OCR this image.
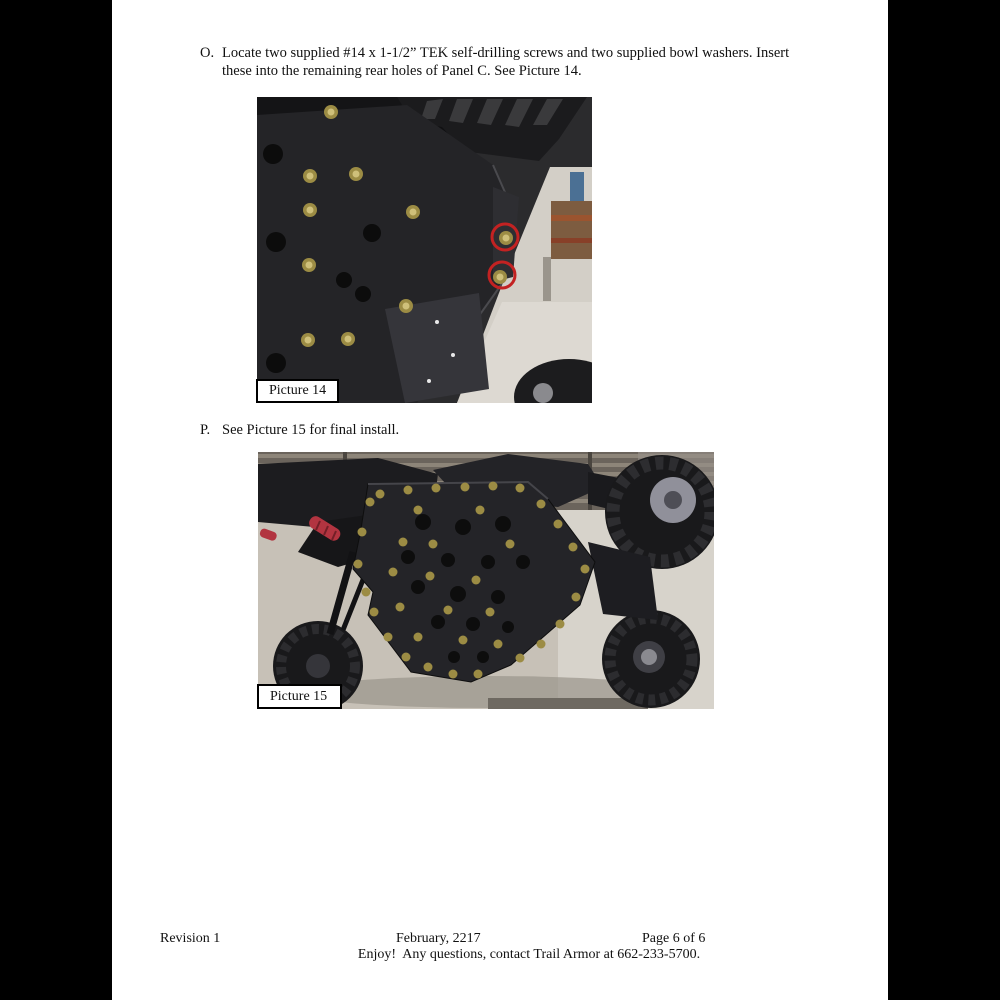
O. Locate two supplied #14 x 1-1/2” TEK self-drilling screws and two supplied bowl washers. Insert these into the remaining rear holes of Panel C. See Picture 14.
Picture 14
P. See Picture 15 for final install.
Picture 15
Revision 1	February, 2217	Page 6 of 6
Enjoy!  Any questions, contact Trail Armor at 662-233-5700.
